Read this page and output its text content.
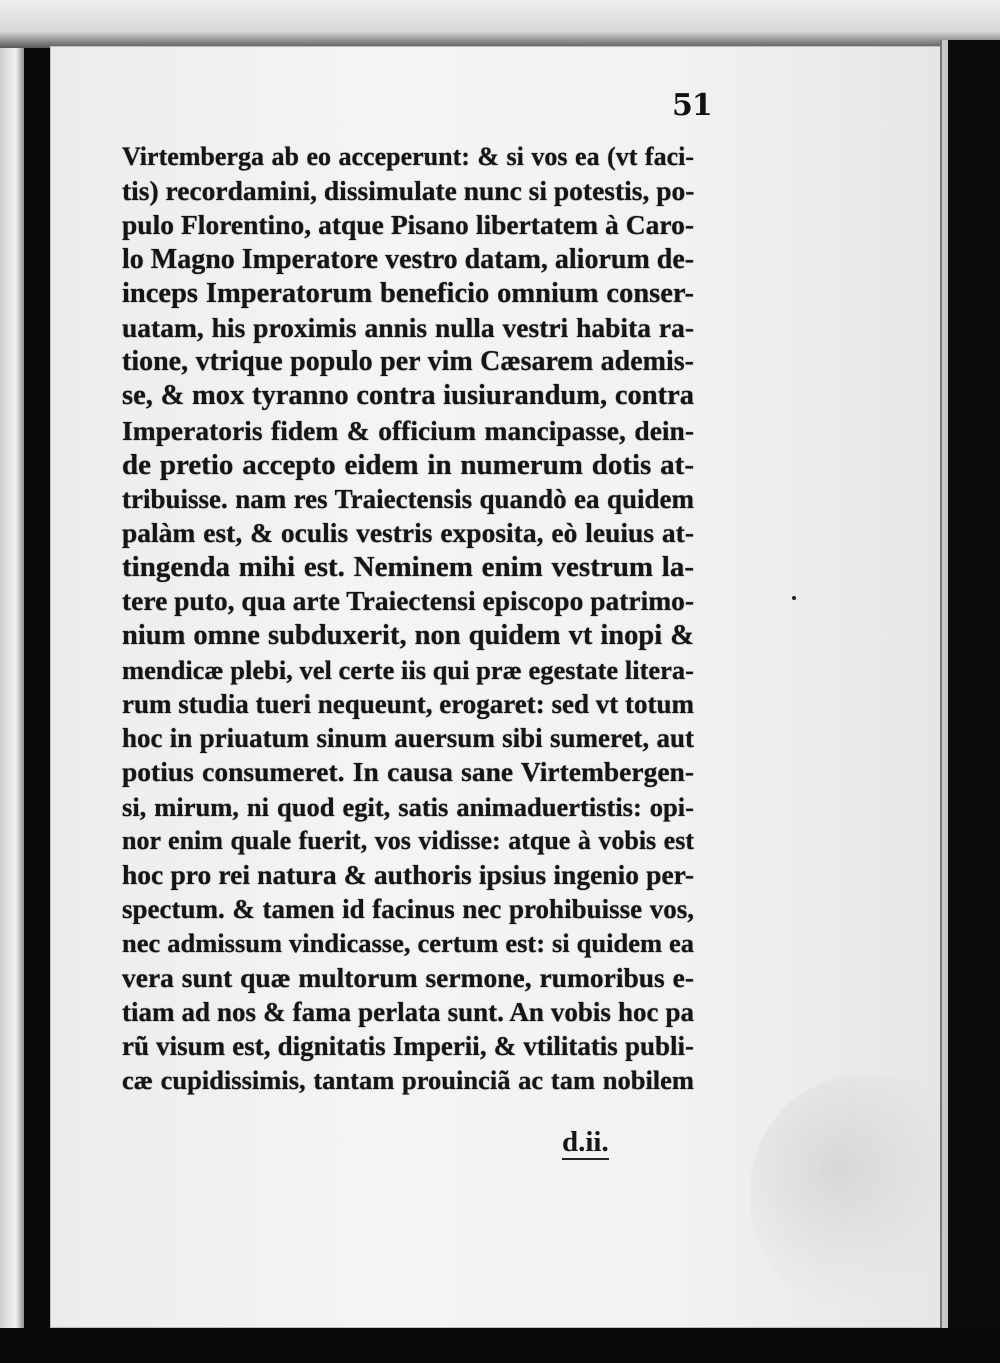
51
Virtemberga ab eo acceperunt: & si vos ea (vt faci-
tis) recordamini, dissimulate nunc si potestis, po-
pulo Florentino, atque Pisano libertatem à Caro-
lo Magno Imperatore vestro datam, aliorum de-
inceps Imperatorum beneficio omnium conser-
uatam, his proximis annis nulla vestri habita ra-
tione, vtrique populo per vim Cæsarem ademis-
se, & mox tyranno contra iusiurandum, contra
Imperatoris fidem & officium mancipasse, dein-
de pretio accepto eidem in numerum dotis at-
tribuisse. nam res Traiectensis quandò ea quidem
palàm est, & oculis vestris exposita, eò leuius at-
tingenda mihi est. Neminem enim vestrum la-
tere puto, qua arte Traiectensi episcopo patrimo-
nium omne subduxerit, non quidem vt inopi &
mendicæ plebi, vel certe iis qui præ egestate litera-
rum studia tueri nequeunt, erogaret: sed vt totum
hoc in priuatum sinum auersum sibi sumeret, aut
potius consumeret. In causa sane Virtembergen-
si, mirum, ni quod egit, satis animaduertistis: opi-
nor enim quale fuerit, vos vidisse: atque à vobis est
hoc pro rei natura & authoris ipsius ingenio per-
spectum. & tamen id facinus nec prohibuisse vos,
nec admissum vindicasse, certum est: si quidem ea
vera sunt quæ multorum sermone, rumoribus e-
tiam ad nos & fama perlata sunt. An vobis hoc pa
rũ visum est, dignitatis Imperii, & vtilitatis publi-
cæ cupidissimis, tantam prouinciã ac tam nobilem
d.ii.
